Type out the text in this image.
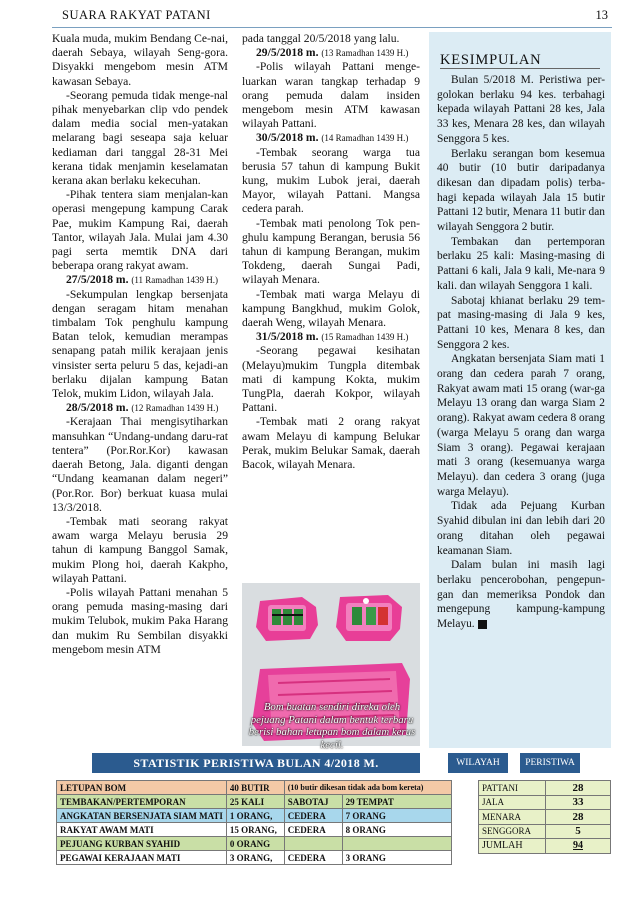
SUARA RAKYAT PATANI	13

Kuala muda, mukim Bendang Ce-nai, daerah Sebaya, wilayah Seng-gora. Disyakki mengebom mesin ATM kawasan Sebaya.

-Seorang pemuda tidak menge-nal pihak menyebarkan clip vdo pendek dalam media social men-yatakan melarang bagi seseapa saja keluar kediaman dari tanggal 28-31 Mei kerana tidak menjamin keselamatan kerana akan berlaku kekecuhan.

-Pihak tentera siam menjalan-kan operasi mengepung kampung Carak Pae, mukim Kampung Rai, daerah Tantor, wilayah Jala. Mulai jam 4.30 pagi serta memtik DNA dari beberapa orang rakyat awam.

27/5/2018 m. (11 Ramadhan 1439 H.)

-Sekumpulan lengkap bersenjata dengan seragam hitam menahan timbalam Tok penghulu kampung Batan telok, kemudian merampas senapang patah milik kerajaan jenis vinsister serta peluru 5 das, kejadi-an berlaku dijalan kampung Batan Telok, mukim Lidon, wilayah Jala.

28/5/2018 m. (12 Ramadhan 1439 H.)

-Kerajaan Thai mengisytiharkan mansuhkan “Undang-undang daru-rat tentera” (Por.Ror.Kor) kawasan daerah Betong, Jala. diganti dengan “Undang keamanan dalam negeri” (Por.Ror. Bor) berkuat kuasa mulai 13/3/2018.

-Tembak mati seorang rakyat awam warga Melayu berusia 29 tahun di kampung Banggol Samak, mukim Plong hoi, daerah Kakpho, wilayah Pattani.

-Polis wilayah Pattani menahan 5 orang pemuda masing-masing dari mukim Telubok, mukim Paka Harang dan mukim Ru Sembilan disyakki mengebom mesin ATM

pada tanggal 20/5/2018 yang lalu.

29/5/2018 m. (13 Ramadhan 1439 H.)

-Polis wilayah Pattani menge-luarkan waran tangkap terhadap 9 orang pemuda dalam insiden mengebom mesin ATM kawasan wilayah Pattani.

30/5/2018 m. (14 Ramadhan 1439 H.)

-Tembak seorang warga tua berusia 57 tahun di kampung Bukit kung, mukim Lubok jerai, daerah Mayor, wilayah Pattani. Mangsa cedera parah.

-Tembak mati penolong Tok pen-ghulu kampung Berangan, berusia 56 tahun di kampung Berangan, mukim Tokdeng, daerah Sungai Padi, wilayah Menara.

-Tembak mati warga Melayu di kampung Bangkhud, mukim Golok, daerah Weng, wilayah Menara.

31/5/2018 m. (15 Ramadhan 1439 H.)

-Seorang pegawai kesihatan (Melayu)mukim Tungpla ditembak mati di kampung Kokta, mukim TungPla, daerah Kokpor, wilayah Pattani.

-Tembak mati 2 orang rakyat awam Melayu di kampung Belukar Perak, mukim Belukar Samak, daerah Bacok, wilayah Menara.

Bom buatan sendiri direka oleh pejuang Patani dalam bentuk terbaru berisi bahan letupan bom dalam kerus kecil.
KESIMPULAN

Bulan 5/2018 M. Peristiwa per-golokan berlaku 94 kes. terbahagi kepada wilayah Pattani 28 kes, Jala 33 kes, Menara 28 kes, dan wilayah Senggora 5 kes.

Berlaku serangan bom kesemua 40 butir (10 butir daripadanya dikesan dan dipadam polis) terba-hagi kepada wilayah Jala 15 butir Pattani 12 butir, Menara 11 butir dan wilayah Senggora 2 butir.

Tembakan dan pertemporan berlaku 25 kali: Masing-masing di Pattani 6 kali, Jala 9 kali, Me-nara 9 kali. dan wilayah Senggora 1 kali.

Sabotaj khianat berlaku 29 tem-pat masing-masing di Jala 9 kes, Pattani 10 kes, Menara 8 kes, dan Senggora 2 kes.

Angkatan bersenjata Siam mati 1 orang dan cedera parah 7 orang, Rakyat awam mati 15 orang (war-ga Melayu 13 orang dan warga Siam 2 orang). Rakyat awam cedera 8 orang (warga Melayu 5 orang dan warga Siam 3 orang). Pegawai kerajaan mati 3 orang (kesemuanya warga Melayu). dan cedera 3 orang (juga warga Melayu).

Tidak ada Pejuang Kurban Syahid dibulan ini dan lebih dari 20 orang ditahan oleh pegawai keamanan Siam.

Dalam bulan ini masih lagi berlaku pencerobohan, pengepun-gan dan memeriksa Pondok dan mengepung kampung-kampung Melayu.

STATISTIK PERISTIWA BULAN 4/2018 M.	WILAYAH	PERISTIWA
LETUPAN BOM	40 BUTIR	(10 butir dikesan tidak ada bom kereta)	
TEMBAKAN/PERTEMPORAN	25 KALI	SABOTAJ	29 TEMPAT
ANGKATAN BERSENJATA SIAM MATI	1 ORANG,	CEDERA	7 ORANG
RAKYAT AWAM MATI	15 ORANG,	CEDERA	8 ORANG
PEJUANG KURBAN SYAHID	0 ORANG		
PEGAWAI KERAJAAN MATI	3 ORANG,	CEDERA	3 ORANG
PATTANI	28
JALA	33
MENARA	28
SENGGORA	5
JUMLAH	94
